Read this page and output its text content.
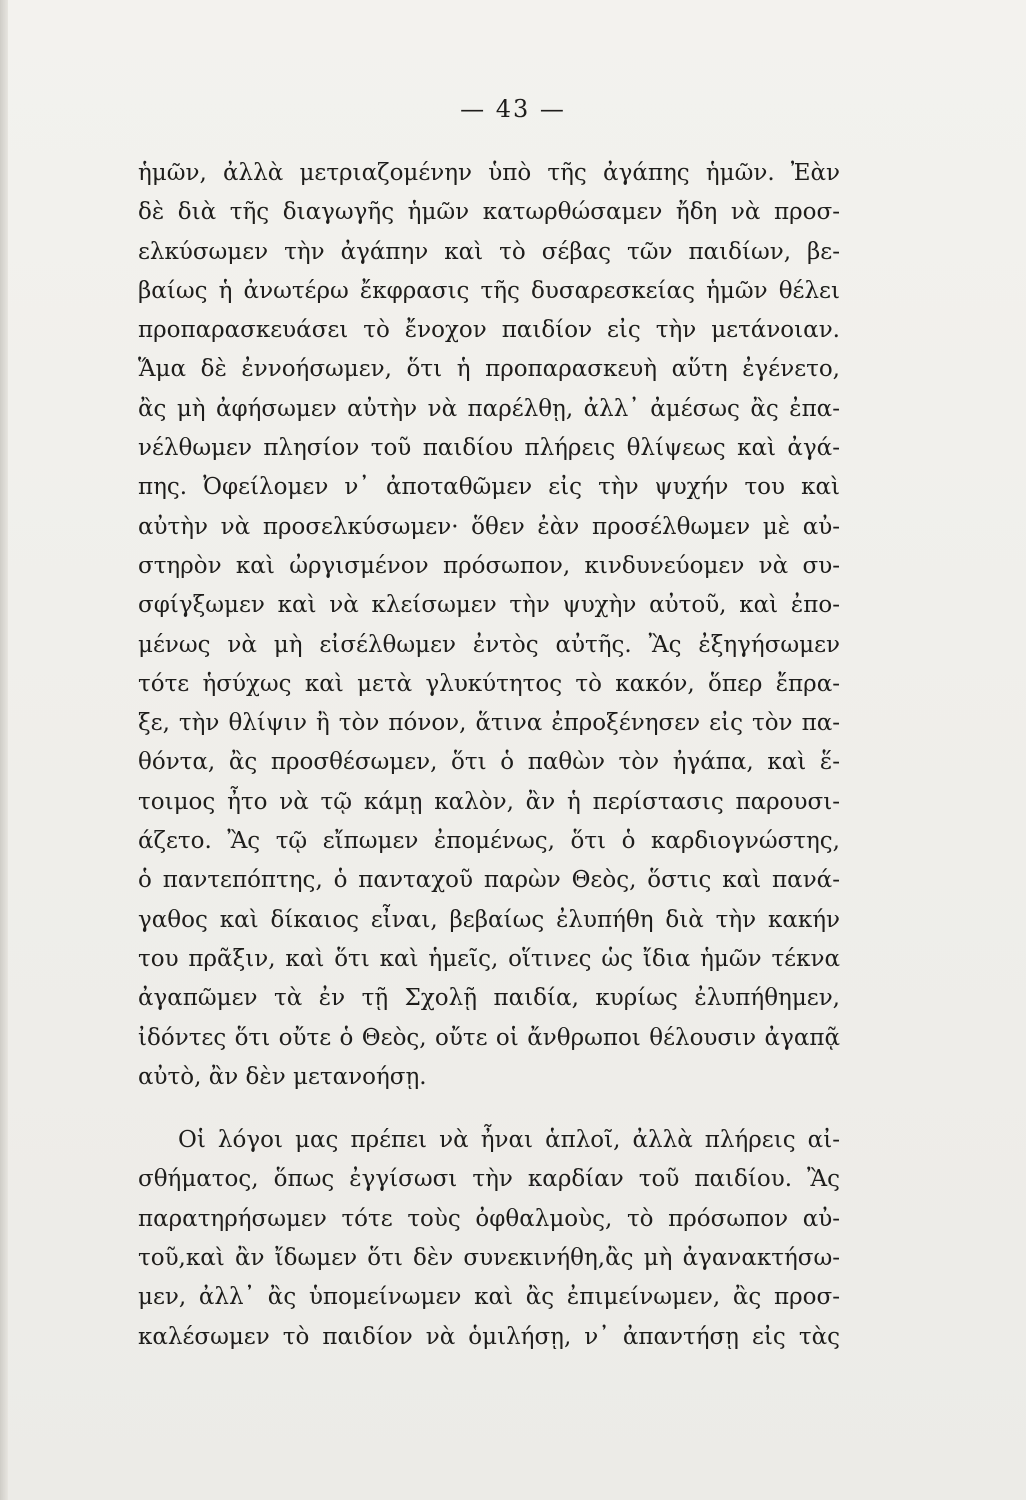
— 43 —
ἡμῶν, ἀλλὰ μετριαζομένην ὑπὸ τῆς ἀγάπης ἡμῶν. Ἐὰν
δὲ διὰ τῆς διαγωγῆς ἡμῶν κατωρθώσαμεν ἤδη νὰ προσ-
ελκύσωμεν τὴν ἀγάπην καὶ τὸ σέβας τῶν παιδίων, βε-
βαίως ἡ ἀνωτέρω ἔκφρασις τῆς δυσαρεσκείας ἡμῶν θέλει
προπαρασκευάσει τὸ ἔνοχον παιδίον εἰς τὴν μετάνοιαν.
Ἅμα δὲ ἐννοήσωμεν, ὅτι ἡ προπαρασκευὴ αὕτη ἐγένετο,
ἂς μὴ ἀφήσωμεν αὐτὴν νὰ παρέλθῃ, ἀλλ᾽ ἀμέσως ἂς ἐπα-
νέλθωμεν πλησίον τοῦ παιδίου πλήρεις θλίψεως καὶ ἀγά-
πης. Ὀφείλομεν ν᾽ ἀποταθῶμεν εἰς τὴν ψυχήν του καὶ
αὐτὴν νὰ προσελκύσωμεν· ὅθεν ἐὰν προσέλθωμεν μὲ αὐ-
στηρὸν καὶ ὠργισμένον πρόσωπον, κινδυνεύομεν νὰ συ-
σφίγξωμεν καὶ νὰ κλείσωμεν τὴν ψυχὴν αὐτοῦ, καὶ ἐπο-
μένως νὰ μὴ εἰσέλθωμεν ἐντὸς αὐτῆς. Ἂς ἐξηγήσωμεν
τότε ἡσύχως καὶ μετὰ γλυκύτητος τὸ κακόν, ὅπερ ἔπρα-
ξε, τὴν θλίψιν ἢ τὸν πόνον, ἅτινα ἐπροξένησεν εἰς τὸν πα-
θόντα, ἂς προσθέσωμεν, ὅτι ὁ παθὼν τὸν ἠγάπα, καὶ ἕ-
τοιμος ἦτο νὰ τῷ κάμῃ καλὸν, ἂν ἡ περίστασις παρουσι-
άζετο. Ἂς τῷ εἴπωμεν ἐπομένως, ὅτι ὁ καρδιογνώστης,
ὁ παντεπόπτης, ὁ πανταχοῦ παρὼν Θεὸς, ὅστις καὶ πανά-
γαθος καὶ δίκαιος εἶναι, βεβαίως ἐλυπήθη διὰ τὴν κακήν
του πρᾶξιν, καὶ ὅτι καὶ ἡμεῖς, οἵτινες ὡς ἴδια ἡμῶν τέκνα
ἀγαπῶμεν τὰ ἐν τῇ Σχολῇ παιδία, κυρίως ἐλυπήθημεν,
ἰδόντες ὅτι οὔτε ὁ Θεὸς, οὔτε οἱ ἄνθρωποι θέλουσιν ἀγαπᾷ
αὐτὸ, ἂν δὲν μετανοήσῃ.
Οἱ λόγοι μας πρέπει νὰ ἦναι ἁπλοῖ, ἀλλὰ πλήρεις αἰ-
σθήματος, ὅπως ἐγγίσωσι τὴν καρδίαν τοῦ παιδίου. Ἂς
παρατηρήσωμεν τότε τοὺς ὀφθαλμοὺς, τὸ πρόσωπον αὐ-
τοῦ,καὶ ἂν ἴδωμεν ὅτι δὲν συνεκινήθη,ἂς μὴ ἀγανακτήσω-
μεν, ἀλλ᾽ ἂς ὑπομείνωμεν καὶ ἂς ἐπιμείνωμεν, ἂς προσ-
καλέσωμεν τὸ παιδίον νὰ ὁμιλήσῃ, ν᾽ ἀπαντήσῃ εἰς τὰς
